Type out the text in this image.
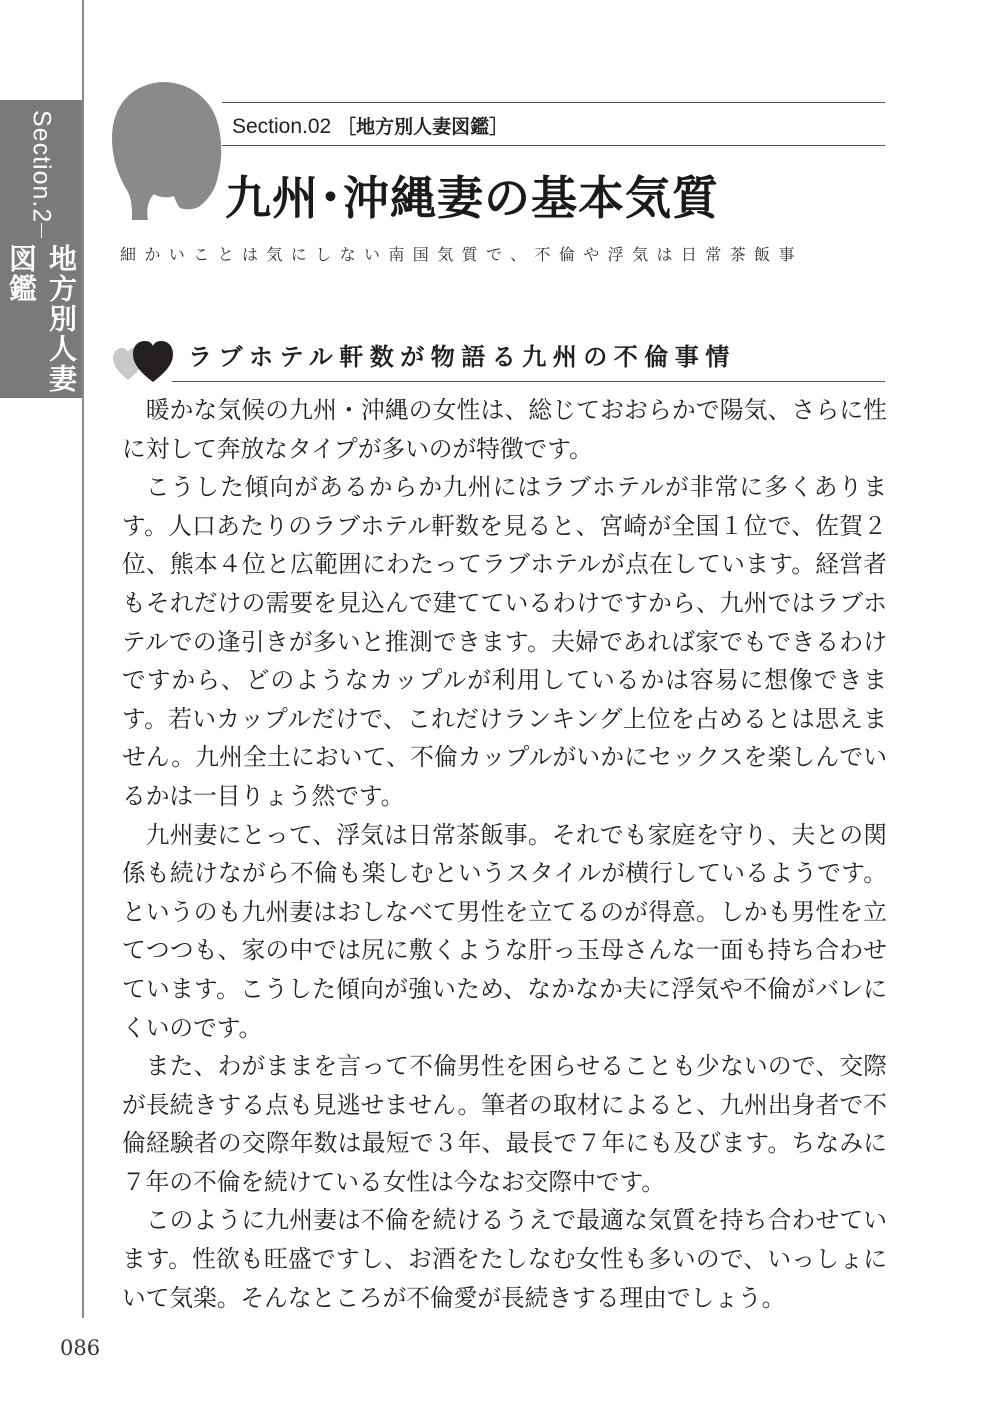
Section.2
地方別人妻図鑑
Section.02 ［地方別人妻図鑑］
九州･沖縄妻の基本気質
細かいことは気にしない南国気質で、不倫や浮気は日常茶飯事
ラブホテル軒数が物語る九州の不倫事情

暖かな気候の九州・沖縄の女性は、総じておおらかで陽気、さらに性に対して奔放なタイプが多いのが特徴です。

こうした傾向があるからか九州にはラブホテルが非常に多くあります。人口あたりのラブホテル軒数を見ると、宮崎が全国１位で、佐賀２位、熊本４位と広範囲にわたってラブホテルが点在しています。経営者もそれだけの需要を見込んで建てているわけですから、九州ではラブホテルでの逢引きが多いと推測できます。夫婦であれば家でもできるわけですから、どのようなカップルが利用しているかは容易に想像できます。若いカップルだけで、これだけランキング上位を占めるとは思えません。九州全土において、不倫カップルがいかにセックスを楽しんでいるかは一目りょう然です。

九州妻にとって、浮気は日常茶飯事。それでも家庭を守り、夫との関係も続けながら不倫も楽しむというスタイルが横行しているようです。というのも九州妻はおしなべて男性を立てるのが得意。しかも男性を立てつつも、家の中では尻に敷くような肝っ玉母さんな一面も持ち合わせています。こうした傾向が強いため、なかなか夫に浮気や不倫がバレにくいのです。

また、わがままを言って不倫男性を困らせることも少ないので、交際が長続きする点も見逃せません。筆者の取材によると、九州出身者で不倫経験者の交際年数は最短で３年、最長で７年にも及びます。ちなみに７年の不倫を続けている女性は今なお交際中です。

このように九州妻は不倫を続けるうえで最適な気質を持ち合わせています。性欲も旺盛ですし、お酒をたしなむ女性も多いので、いっしょにいて気楽。そんなところが不倫愛が長続きする理由でしょう。

086
